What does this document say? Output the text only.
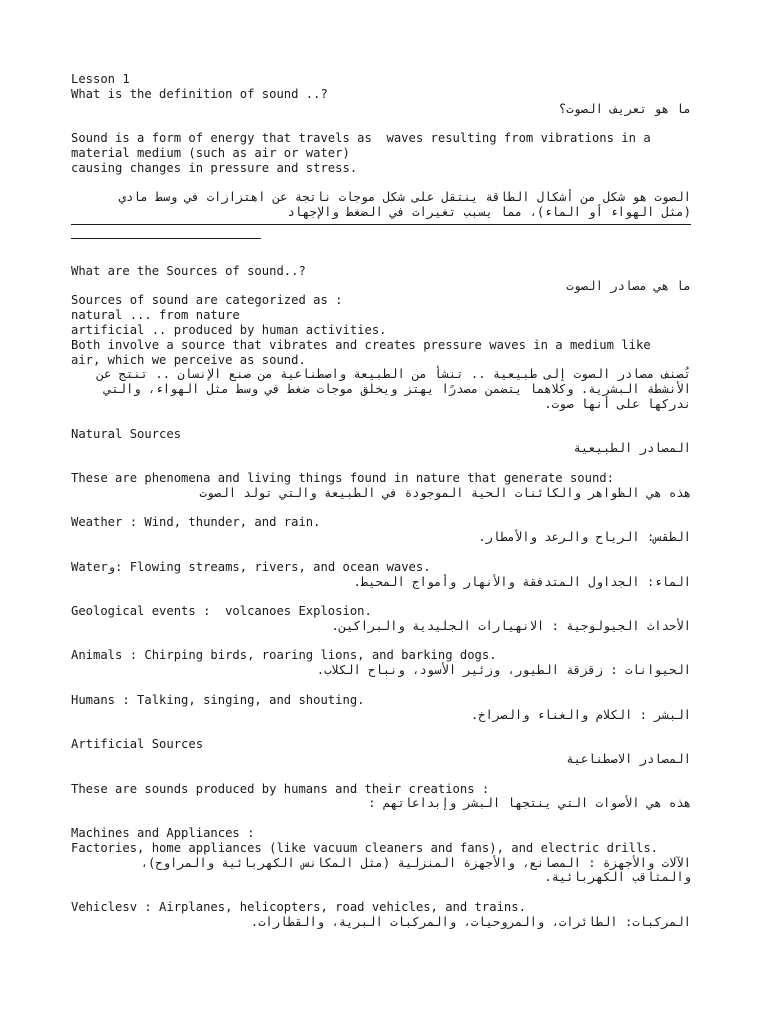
Lesson 1

What is the definition of sound ..?

ما هو تعريف الصوت؟

Sound is a form of energy that travels as  waves resulting from vibrations in a

material medium (such as air or water)

causing changes in pressure and stress.

الصوت هو شكل من أشكال الطاقة ينتقل على شكل موجات ناتجة عن اهتزازات في وسط مادي

(مثل الهواء أو الماء)، مما يسبب تغيرات في الضغط والإجهاد

What are the Sources of sound..?

ما هي مصادر الصوت

Sources of sound are categorized as :

natural ... from nature

artificial .. produced by human activities.

Both involve a source that vibrates and creates pressure waves in a medium like

air, which we perceive as sound.

تُصنف مصادر الصوت إلى طبيعية .. تنشأ من الطبيعة واصطناعية من صنع الإنسان .. تنتج عن

الأنشطة البشرية. وكلاهما يتضمن مصدرًا يهتز ويخلق موجات ضغط في وسط مثل الهواء، والتي

ندركها على أنها صوت.

Natural Sources

المصادر الطبيعية

These are phenomena and living things found in nature that generate sound:

هذه هي الظواهر والكائنات الحية الموجودة في الطبيعة والتي تولد الصوت

Weather : Wind, thunder, and rain.

الطقس: الرياح والرعد والأمطار.

Waterو: Flowing streams, rivers, and ocean waves.

الماء: الجداول المتدفقة والأنهار وأمواج المحيط.

Geological events :  volcanoes Explosion.

الأحداث الجيولوجية : الانهيارات الجليدية والبراكين.

Animals : Chirping birds, roaring lions, and barking dogs.

الحيوانات : زقزقة الطيور، وزئير الأسود، ونباح الكلاب.

Humans : Talking, singing, and shouting.

البشر : الكلام والغناء والصراخ.

Artificial Sources

المصادر الاصطناعية

These are sounds produced by humans and their creations :

هذه هي الأصوات التي ينتجها البشر وإبداعاتهم :

Machines and Appliances :

Factories, home appliances (like vacuum cleaners and fans), and electric drills.

الآلات والأجهزة : المصانع، والأجهزة المنزلية (مثل المكانس الكهربائية والمراوح)،

والمثاقب الكهربائية.

Vehiclesv : Airplanes, helicopters, road vehicles, and trains.

المركبات: الطائرات، والمروحيات، والمركبات البرية، والقطارات.
